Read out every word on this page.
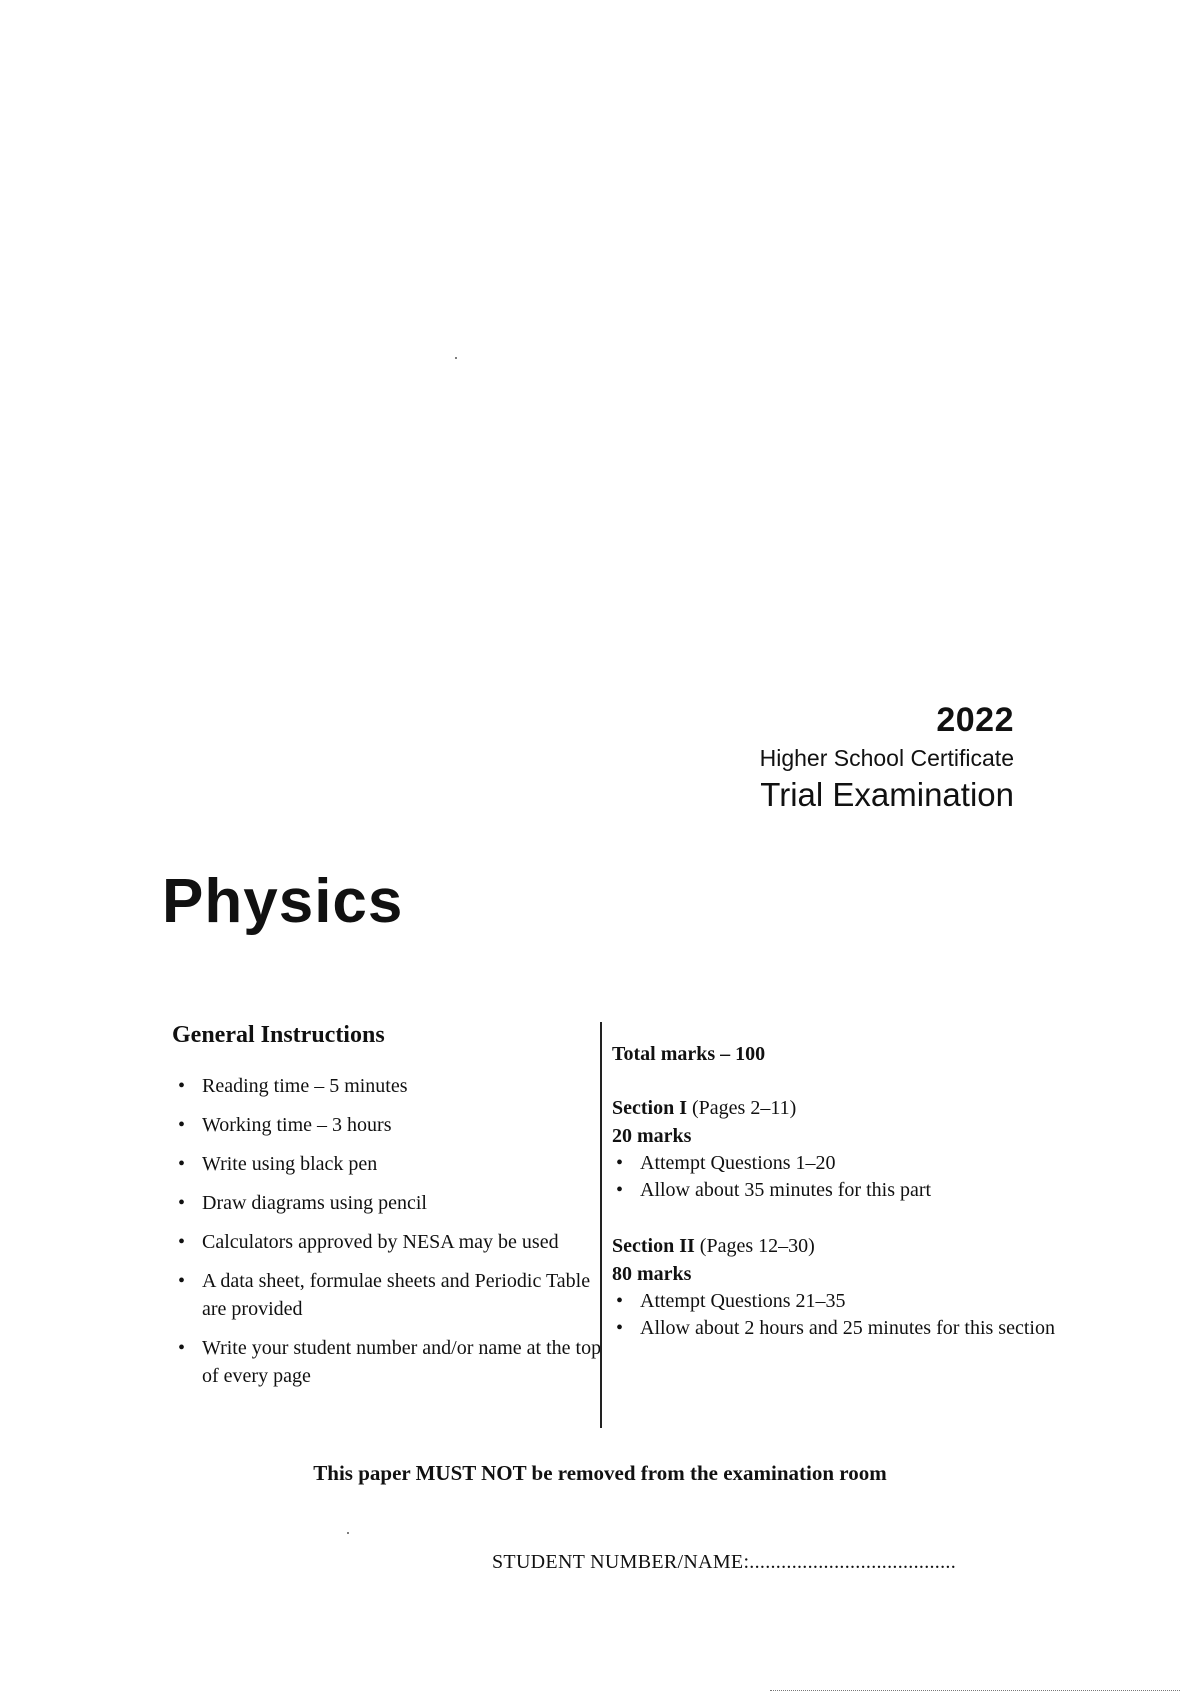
2022
Higher School Certificate
Trial Examination
Physics
General Instructions
• Reading time – 5 minutes
• Working time – 3 hours
• Write using black pen
• Draw diagrams using pencil
• Calculators approved by NESA may be used
• A data sheet, formulae sheets and Periodic Table are provided
• Write your student number and/or name at the top of every page
Total marks – 100
Section I (Pages 2–11)
20 marks
• Attempt Questions 1–20
• Allow about 35 minutes for this part
Section II (Pages 12–30)
80 marks
• Attempt Questions 21–35
• Allow about 2 hours and 25 minutes for this section
This paper MUST NOT be removed from the examination room
STUDENT NUMBER/NAME:.......................................
